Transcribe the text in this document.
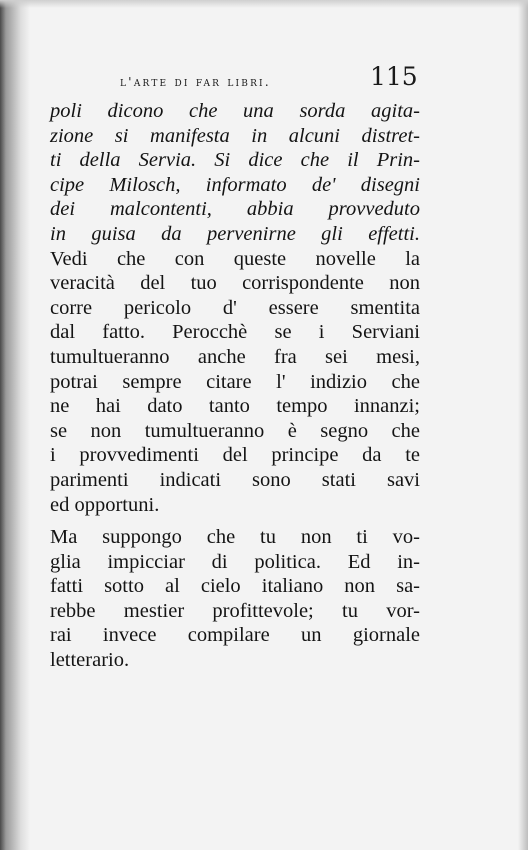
l'arte di far libri.	115
poli dicono che una sorda agita-
zione si manifesta in alcuni distret-
ti della Servia. Si dice che il Prin-
cipe Milosch, informato de' disegni
dei malcontenti, abbia provveduto
in guisa da pervenirne gli effetti.
Vedi che con queste novelle la
veracità del tuo corrispondente non
corre pericolo d' essere smentita
dal fatto. Perocchè se i Serviani
tumultueranno anche fra sei mesi,
potrai sempre citare l' indizio che
ne hai dato tanto tempo innanzi;
se non tumultueranno è segno che
i provvedimenti del principe da te
parimenti indicati sono stati savi
ed opportuni.
Ma suppongo che tu non ti vo-
glia impicciar di politica. Ed in-
fatti sotto al cielo italiano non sa-
rebbe mestier profittevole; tu vor-
rai invece compilare un giornale
letterario.
